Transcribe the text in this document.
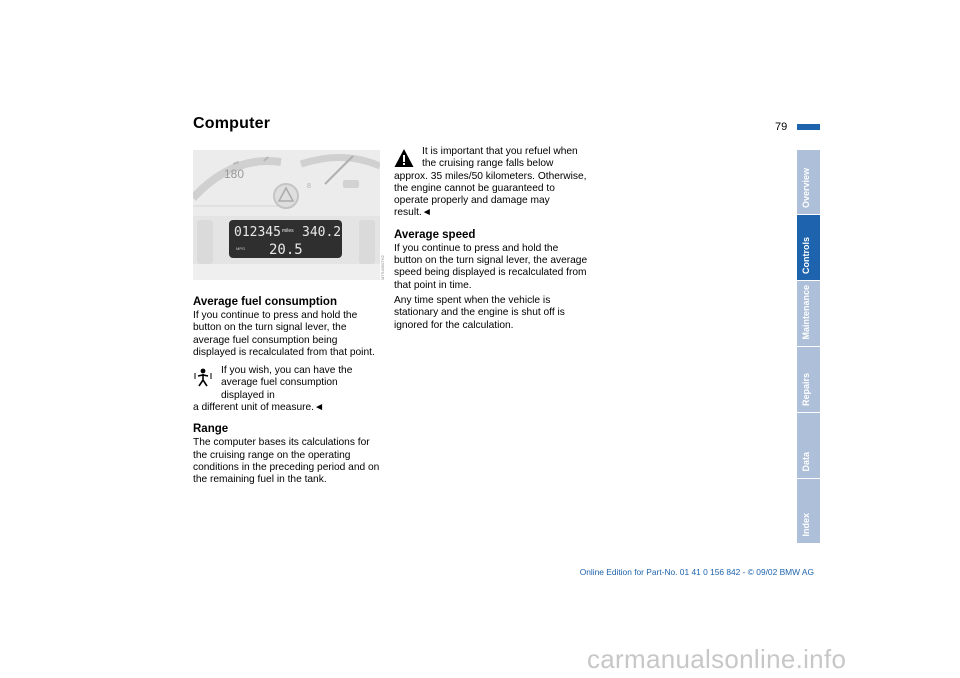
Computer	79
180
8
012345 miles 340.2
MPG 20.5
MTS4350TH2
Average fuel consumption

If you continue to press and hold the button on the turn signal lever, the average fuel consumption being displayed is recalculated from that point.

If you wish, you can have the average fuel consumption displayed in
a different unit of measure.◄
Range

The computer bases its calculations for the cruising range on the operating conditions in the preceding period and on the remaining fuel in the tank.

It is important that you refuel when the cruising range falls below
approx. 35 miles/50 kilometers. Otherwise, the engine cannot be guaranteed to operate properly and damage may result.◄
Average speed

If you continue to press and hold the button on the turn signal lever, the average speed being displayed is recalculated from that point in time.

Any time spent when the vehicle is stationary and the engine is shut off is ignored for the calculation.

Overview
Controls
Maintenance
Repairs
Data
Index
Online Edition for Part-No. 01 41 0 156 842 - © 09/02 BMW AG
carmanualsonline.info
